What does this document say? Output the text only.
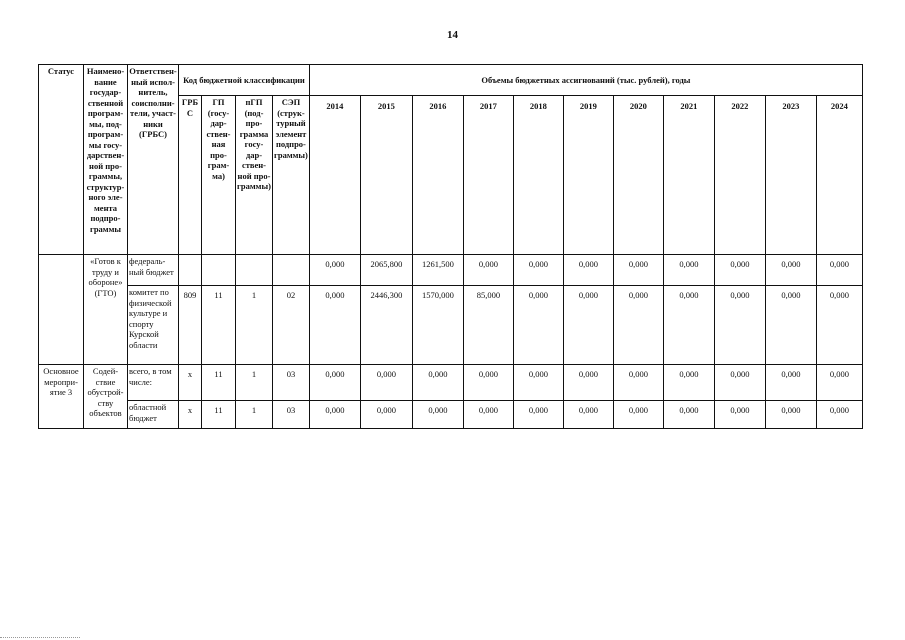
14
Статус	Наимено-вание государ-ственной програм-мы, под-програм-мы госу-дарствен-ной про-граммы, структур-ного эле-мента подпро-граммы	Ответствен-ный испол-нитель, соисполни-тели, участ-ники (ГРБС)	Код бюджетной классификации				Объемы бюджетных ассигнований (тыс. рублей), годы										
			ГРБ С	ГП (госу-дар-ствен-ная про-грам-ма)	пГП (под-про-грамма госу-дар-ствен-ной про-граммы)	СЭП (струк-турный элемент подпро-граммы)	2014	2015	2016	2017	2018	2019	2020	2021	2022	2023	2024
	«Готов к труду и обороне» (ГТО)	федераль-ный бюджет					0,000	2065,800	1261,500	0,000	0,000	0,000	0,000	0,000	0,000	0,000	0,000
		комитет по физической культуре и спорту Курской области	809	11	1	02	0,000	2446,300	1570,000	85,000	0,000	0,000	0,000	0,000	0,000	0,000	0,000
Основное меропри-ятие 3	Содей-ствие обустрой-ству объектов	всего, в том числе:	х	11	1	03	0,000	0,000	0,000	0,000	0,000	0,000	0,000	0,000	0,000	0,000	0,000
		областной бюджет	х	11	1	03	0,000	0,000	0,000	0,000	0,000	0,000	0,000	0,000	0,000	0,000	0,000
